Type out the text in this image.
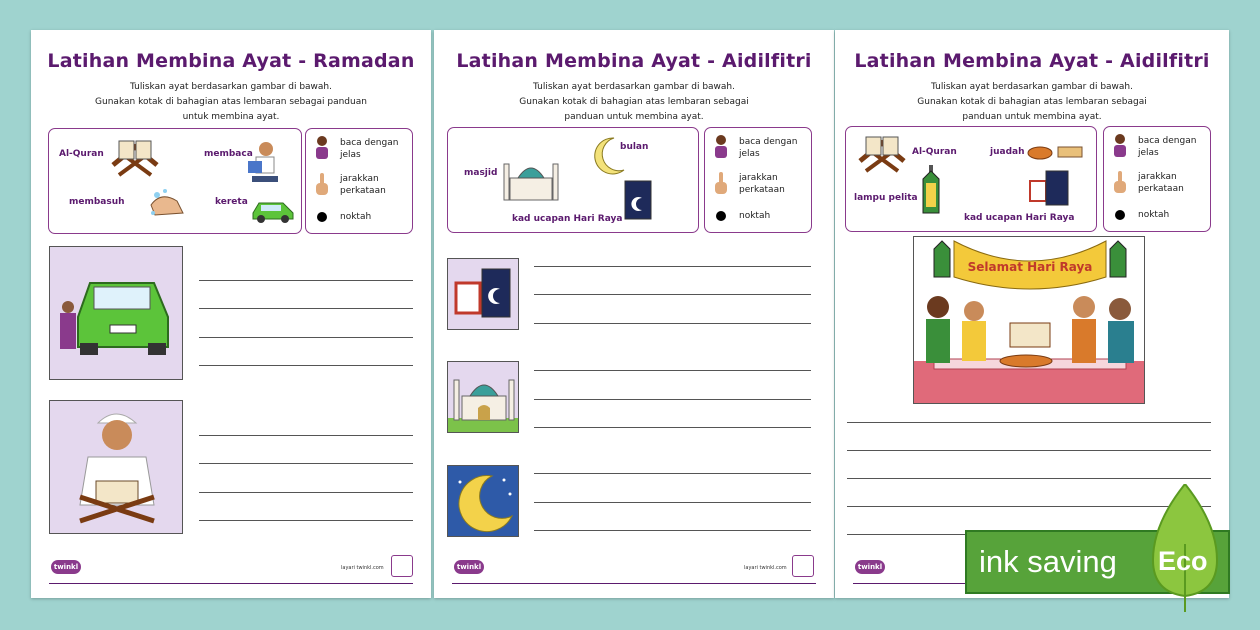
Latihan Membina Ayat - Ramadan
Tuliskan ayat berdasarkan gambar di bawah.
Gunakan kotak di bahagian atas lembaran sebagai panduan
untuk membina ayat.
Al-Quran	membaca
membasuh	kereta
baca dengan jelas
jarakkan perkataan
noktah
twinkl	layari twinkl.com
Latihan Membina Ayat - Aidilfitri
Tuliskan ayat berdasarkan gambar di bawah.
Gunakan kotak di bahagian atas lembaran sebagai
panduan untuk membina ayat.
bulan
masjid
kad ucapan Hari Raya
baca dengan jelas
jarakkan perkataan
noktah
twinkl	layari twinkl.com
Latihan Membina Ayat - Aidilfitri
Tuliskan ayat berdasarkan gambar di bawah.
Gunakan kotak di bahagian atas lembaran sebagai
panduan untuk membina ayat.
Al-Quran	juadah
lampu pelita
kad ucapan Hari Raya
baca dengan jelas
jarakkan perkataan
noktah
Selamat Hari Raya
twinkl	ink saving Eco
